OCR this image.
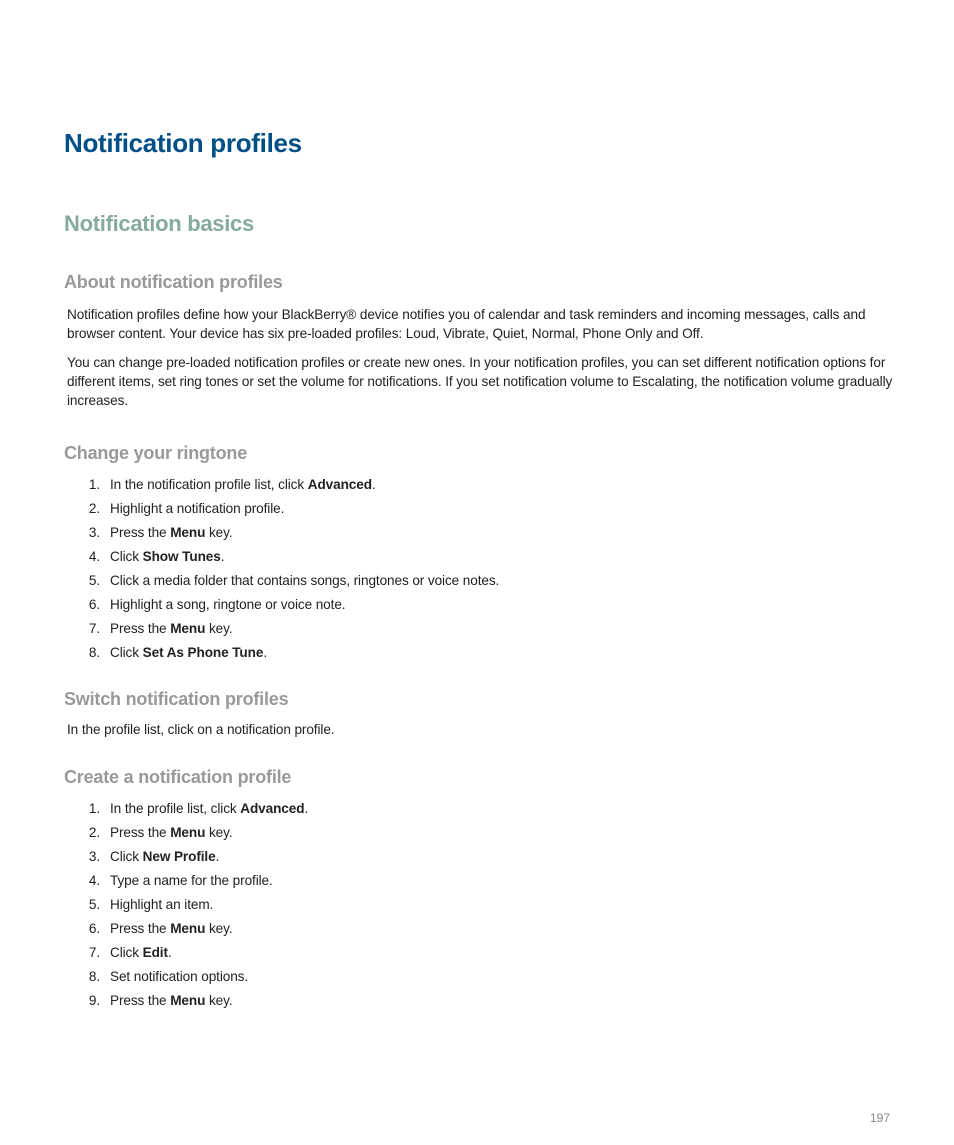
Notification profiles
Notification basics
About notification profiles

Notification profiles define how your BlackBerry® device notifies you of calendar and task reminders and incoming messages, calls and browser content. Your device has six pre-loaded profiles: Loud, Vibrate, Quiet, Normal, Phone Only and Off.

You can change pre-loaded notification profiles or create new ones. In your notification profiles, you can set different notification options for different items, set ring tones or set the volume for notifications. If you set notification volume to Escalating, the notification volume gradually increases.

Change your ringtone
1. In the notification profile list, click Advanced.
2. Highlight a notification profile.
3. Press the Menu key.
4. Click Show Tunes.
5. Click a media folder that contains songs, ringtones or voice notes.
6. Highlight a song, ringtone or voice note.
7. Press the Menu key.
8. Click Set As Phone Tune.
Switch notification profiles

In the profile list, click on a notification profile.

Create a notification profile
1. In the profile list, click Advanced.
2. Press the Menu key.
3. Click New Profile.
4. Type a name for the profile.
5. Highlight an item.
6. Press the Menu key.
7. Click Edit.
8. Set notification options.
9. Press the Menu key.
197
